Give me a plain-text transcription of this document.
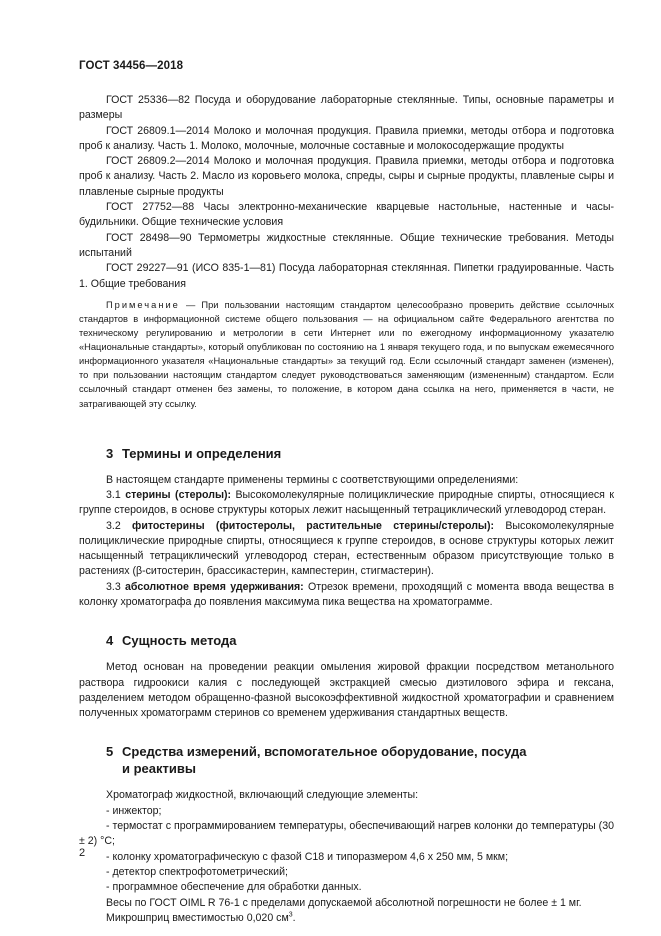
ГОСТ 34456—2018

ГОСТ 25336—82 Посуда и оборудование лабораторные стеклянные. Типы, основные параметры и размеры

ГОСТ 26809.1—2014 Молоко и молочная продукция. Правила приемки, методы отбора и подготовка проб к анализу. Часть 1. Молоко, молочные, молочные составные и молокосодержащие продукты

ГОСТ 26809.2—2014 Молоко и молочная продукция. Правила приемки, методы отбора и подготовка проб к анализу. Часть 2. Масло из коровьего молока, спреды, сыры и сырные продукты, плавленые сыры и плавленые сырные продукты

ГОСТ 27752—88 Часы электронно-механические кварцевые настольные, настенные и часы-будильники. Общие технические условия

ГОСТ 28498—90 Термометры жидкостные стеклянные. Общие технические требования. Методы испытаний

ГОСТ 29227—91 (ИСО 835-1—81) Посуда лабораторная стеклянная. Пипетки градуированные. Часть 1. Общие требования

Примечание — При пользовании настоящим стандартом целесообразно проверить действие ссылочных стандартов в информационной системе общего пользования — на официальном сайте Федерального агентства по техническому регулированию и метрологии в сети Интернет или по ежегодному информационному указателю «Национальные стандарты», который опубликован по состоянию на 1 января текущего года, и по выпускам ежемесячного информационного указателя «Национальные стандарты» за текущий год. Если ссылочный стандарт заменен (изменен), то при пользовании настоящим стандартом следует руководствоваться заменяющим (измененным) стандартом. Если ссылочный стандарт отменен без замены, то положение, в котором дана ссылка на него, применяется в части, не затрагивающей эту ссылку.

3 Термины и определения

В настоящем стандарте применены термины с соответствующими определениями:

3.1 стерины (стеролы): Высокомолекулярные полициклические природные спирты, относящиеся к группе стероидов, в основе структуры которых лежит насыщенный тетрациклический углеводород стеран.

3.2 фитостерины (фитостеролы, растительные стерины/стеролы): Высокомолекулярные полициклические природные спирты, относящиеся к группе стероидов, в основе структуры которых лежит насыщенный тетрациклический углеводород стеран, естественным образом присутствующие только в растениях (β-ситостерин, брассикастерин, кампестерин, стигмастерин).

3.3 абсолютное время удерживания: Отрезок времени, проходящий с момента ввода вещества в колонку хроматографа до появления максимума пика вещества на хроматограмме.

4 Сущность метода

Метод основан на проведении реакции омыления жировой фракции посредством метанольного раствора гидроокиси калия с последующей экстракцией смесью диэтилового эфира и гексана, разделением методом обращенно-фазной высокоэффективной жидкостной хроматографии и сравнением полученных хроматограмм стеринов со временем удерживания стандартных веществ.

5 Средства измерений, вспомогательное оборудование, посуда
и реактивы

Хроматограф жидкостной, включающий следующие элементы:

- инжектор;

- термостат с программированием температуры, обеспечивающий нагрев колонки до температуры (30 ± 2) °С;

- колонку хроматографическую с фазой С18 и типоразмером 4,6 х 250 мм, 5 мкм;

- детектор спектрофотометрический;

- программное обеспечение для обработки данных.

Весы по ГОСТ OIML R 76-1 с пределами допускаемой абсолютной погрешности не более ± 1 мг.

Микрошприц вместимостью 0,020 $см^3$.

2
